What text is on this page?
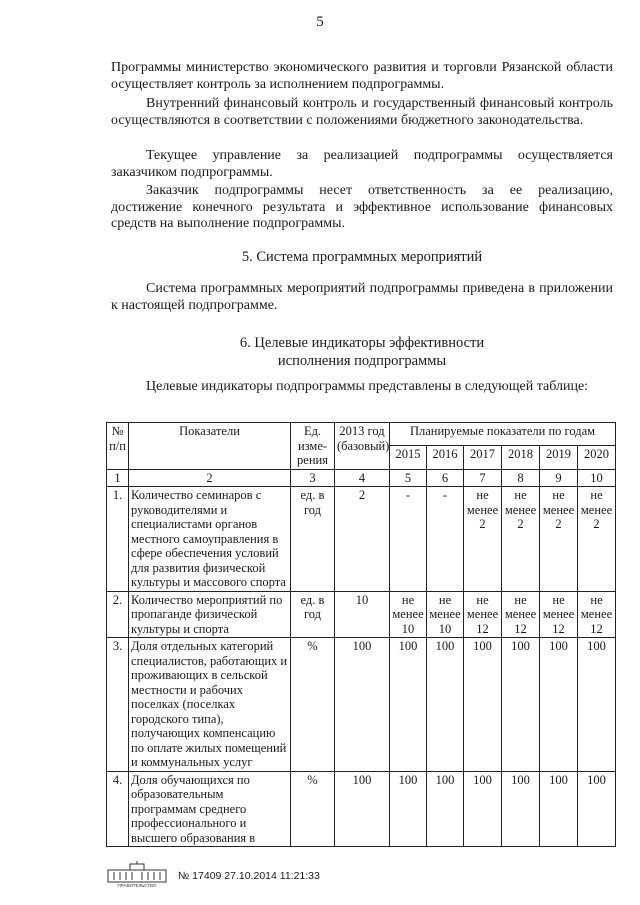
5
Программы министерство экономического развития и торговли Рязанской области осуществляет контроль за исполнением подпрограммы.
Внутренний финансовый контроль и государственный финансовый контроль осуществляются в соответствии с положениями бюджетного законодательства.
Текущее управление за реализацией подпрограммы осуществляется заказчиком подпрограммы.
Заказчик подпрограммы несет ответственность за ее реализацию, достижение конечного результата и эффективное использование финансовых средств на выполнение подпрограммы.
5. Система программных мероприятий
Система программных мероприятий подпрограммы приведена в приложении к настоящей подпрограмме.
6. Целевые индикаторы эффективности
исполнения подпрограммы
Целевые индикаторы подпрограммы представлены в следующей таблице:
№ п/п	Показатели	Ед. изме-рения	2013 год (базовый)	Планируемые показатели по годам					
				2015	2016	2017	2018	2019	2020
1	2	3	4	5	6	7	8	9	10
1.	Количество семинаров с руководителями и специалистами органов местного самоуправления в сфере обеспечения условий для развития физической культуры и массового спорта	ед. в год	2	-	-	не менее 2	не менее 2	не менее 2	не менее 2
2.	Количество мероприятий по пропаганде физической культуры и спорта	ед. в год	10	не менее 10	не менее 10	не менее 12	не менее 12	не менее 12	не менее 12
3.	Доля отдельных категорий специалистов, работающих и проживающих в сельской местности и рабочих поселках (поселках городского типа), получающих компенсацию по оплате жилых помещений и коммунальных услуг	%	100	100	100	100	100	100	100
4.	Доля обучающихся по образовательным программам среднего профессионального и высшего образования в	%	100	100	100	100	100	100	100
ПРАВИТЕЛЬСТВО
№ 17409 27.10.2014 11:21:33
